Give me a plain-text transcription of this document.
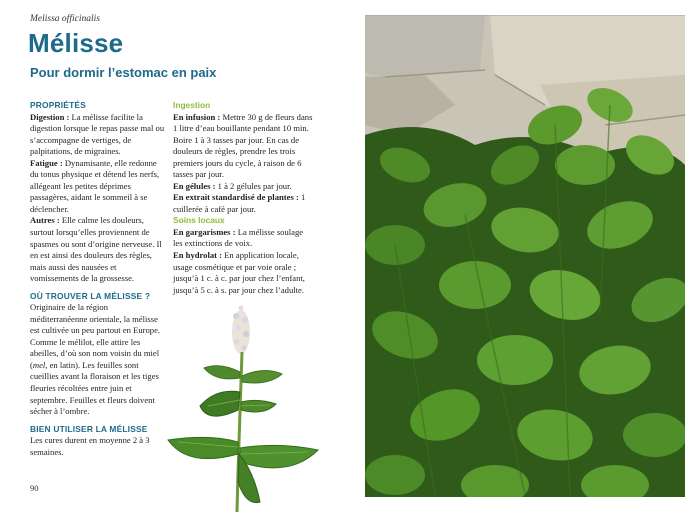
Melissa officinalis
Mélisse
Pour dormir l’estomac en paix

PROPRIÉTÉS

Digestion : La mélisse facilite la digestion lorsque le repas passe mal ou s’accompagne de vertiges, de palpitations, de migraines.

Fatigue : Dynamisante, elle redonne du tonus physique et détend les nerfs, allégeant les petites déprimes passagères, aidant le sommeil à se déclencher.

Autres : Elle calme les douleurs, surtout lorsqu’elles proviennent de spasmes ou sont d’origine nerveuse. Il en est ainsi des douleurs des règles, mais aussi des nausées et vomissements de la grossesse.

OÙ TROUVER LA MÉLISSE ?

Originaire de la région méditerranéenne orientale, la mélisse est cultivée un peu partout en Europe. Comme le mélilot, elle attire les abeilles, d’où son nom voisin du miel (mel, en latin). Les feuilles sont cueillies avant la floraison et les tiges fleuries récoltées entre juin et septembre. Feuilles et fleurs doivent sécher à l’ombre.

BIEN UTILISER LA MÉLISSE

Les cures durent en moyenne 2 à 3 semaines.

Ingestion

En infusion : Mettre 30 g de fleurs dans 1 litre d’eau bouillante pendant 10 min. Boire 1 à 3 tasses par jour. En cas de douleurs de règles, prendre les trois premiers jours du cycle, à raison de 6 tasses par jour.

En gélules : 1 à 2 gélules par jour.

En extrait standardisé de plantes : 1 cuillerée à café par jour.

Soins locaux

En gargarismes : La mélisse soulage les extinctions de voix.

En hydrolat : En application locale, usage cosmétique et par voie orale ; jusqu’à 1 c. à c. par jour chez l’enfant, jusqu’à 5 c. à s. par jour chez l’adulte.

90
